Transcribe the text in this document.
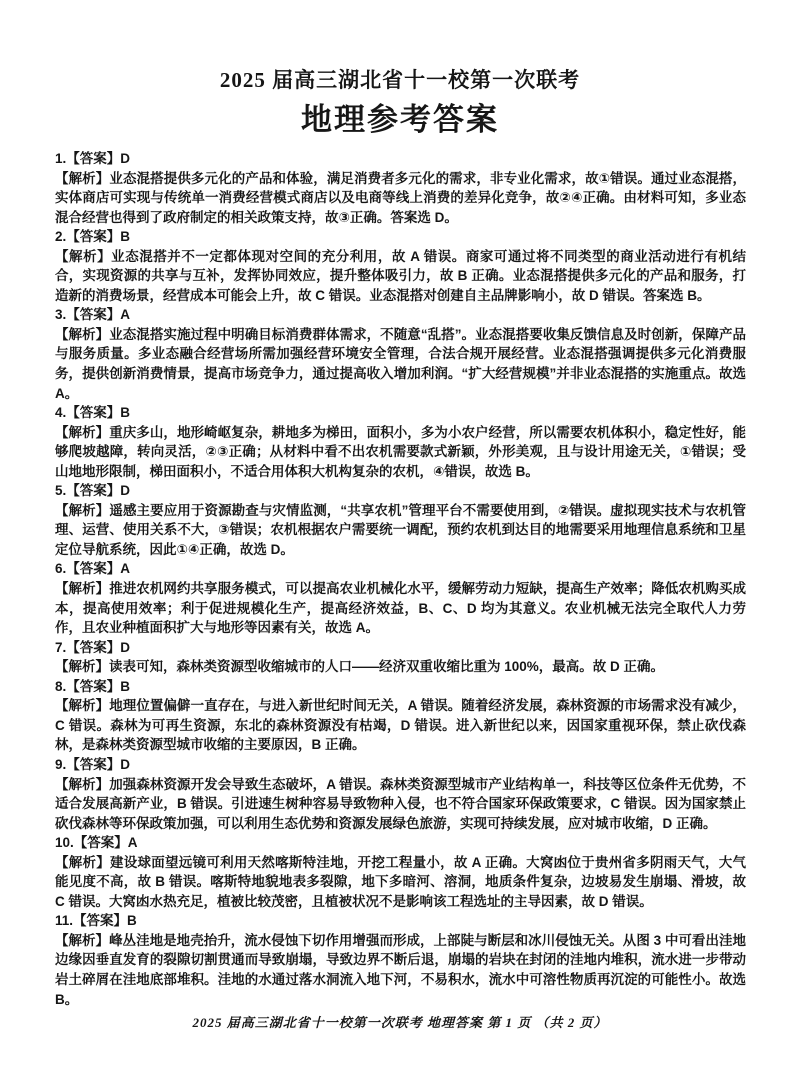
2025 届高三湖北省十一校第一次联考
地理参考答案
1.【答案】D
【解析】业态混搭提供多元化的产品和体验，满足消费者多元化的需求，非专业化需求，故①错误。通过业态混搭，实体商店可实现与传统单一消费经营模式商店以及电商等线上消费的差异化竞争，故②④正确。由材料可知，多业态混合经营也得到了政府制定的相关政策支持，故③正确。答案选 D。
2.【答案】B
【解析】业态混搭并不一定都体现对空间的充分利用，故 A 错误。商家可通过将不同类型的商业活动进行有机结合，实现资源的共享与互补，发挥协同效应，提升整体吸引力，故 B 正确。业态混搭提供多元化的产品和服务，打造新的消费场景，经营成本可能会上升，故 C 错误。业态混搭对创建自主品牌影响小，故 D 错误。答案选 B。
3.【答案】A
【解析】业态混搭实施过程中明确目标消费群体需求，不随意“乱搭”。业态混搭要收集反馈信息及时创新，保障产品与服务质量。多业态融合经营场所需加强经营环境安全管理，合法合规开展经营。业态混搭强调提供多元化消费服务，提供创新消费情景，提高市场竞争力，通过提高收入增加利润。“扩大经营规模”并非业态混搭的实施重点。故选 A。
4.【答案】B
【解析】重庆多山，地形崎岖复杂，耕地多为梯田，面积小，多为小农户经营，所以需要农机体积小，稳定性好，能够爬坡越障，转向灵活，②③正确；从材料中看不出农机需要款式新颖，外形美观，且与设计用途无关，①错误；受山地地形限制，梯田面积小，不适合用体积大机构复杂的农机，④错误，故选 B。
5.【答案】D
【解析】遥感主要应用于资源勘查与灾情监测，“共享农机”管理平台不需要使用到，②错误。虚拟现实技术与农机管理、运营、使用关系不大，③错误；农机根据农户需要统一调配，预约农机到达目的地需要采用地理信息系统和卫星定位导航系统，因此①④正确，故选 D。
6.【答案】A
【解析】推进农机网约共享服务模式，可以提高农业机械化水平，缓解劳动力短缺，提高生产效率；降低农机购买成本，提高使用效率；利于促进规模化生产，提高经济效益，B、C、D 均为其意义。农业机械无法完全取代人力劳作，且农业种植面积扩大与地形等因素有关，故选 A。
7.【答案】D
【解析】读表可知，森林类资源型收缩城市的人口——经济双重收缩比重为 100%，最高。故 D 正确。
8.【答案】B
【解析】地理位置偏僻一直存在，与进入新世纪时间无关，A 错误。随着经济发展，森林资源的市场需求没有减少，C 错误。森林为可再生资源，东北的森林资源没有枯竭，D 错误。进入新世纪以来，因国家重视环保，禁止砍伐森林，是森林类资源型城市收缩的主要原因，B 正确。
9.【答案】D
【解析】加强森林资源开发会导致生态破坏，A 错误。森林类资源型城市产业结构单一，科技等区位条件无优势，不适合发展高新产业，B 错误。引进速生树种容易导致物种入侵，也不符合国家环保政策要求，C 错误。因为国家禁止砍伐森林等环保政策加强，可以利用生态优势和资源发展绿色旅游，实现可持续发展，应对城市收缩，D 正确。
10.【答案】A
【解析】建设球面望远镜可利用天然喀斯特洼地，开挖工程量小，故 A 正确。大窝凼位于贵州省多阴雨天气，大气能见度不高，故 B 错误。喀斯特地貌地表多裂隙，地下多暗河、溶洞，地质条件复杂，边坡易发生崩塌、滑坡，故 C 错误。大窝凼水热充足，植被比较茂密，且植被状况不是影响该工程选址的主导因素，故 D 错误。
11.【答案】B
【解析】峰丛洼地是地壳抬升，流水侵蚀下切作用增强而形成，上部陡与断层和冰川侵蚀无关。从图 3 中可看出洼地边缘因垂直发育的裂隙切割贯通而导致崩塌，导致边界不断后退，崩塌的岩块在封闭的洼地内堆积，流水进一步带动岩土碎屑在洼地底部堆积。洼地的水通过落水洞流入地下河，不易积水，流水中可溶性物质再沉淀的可能性小。故选 B。
2025 届高三湖北省十一校第一次联考 地理答案 第 1 页 （共 2 页）
